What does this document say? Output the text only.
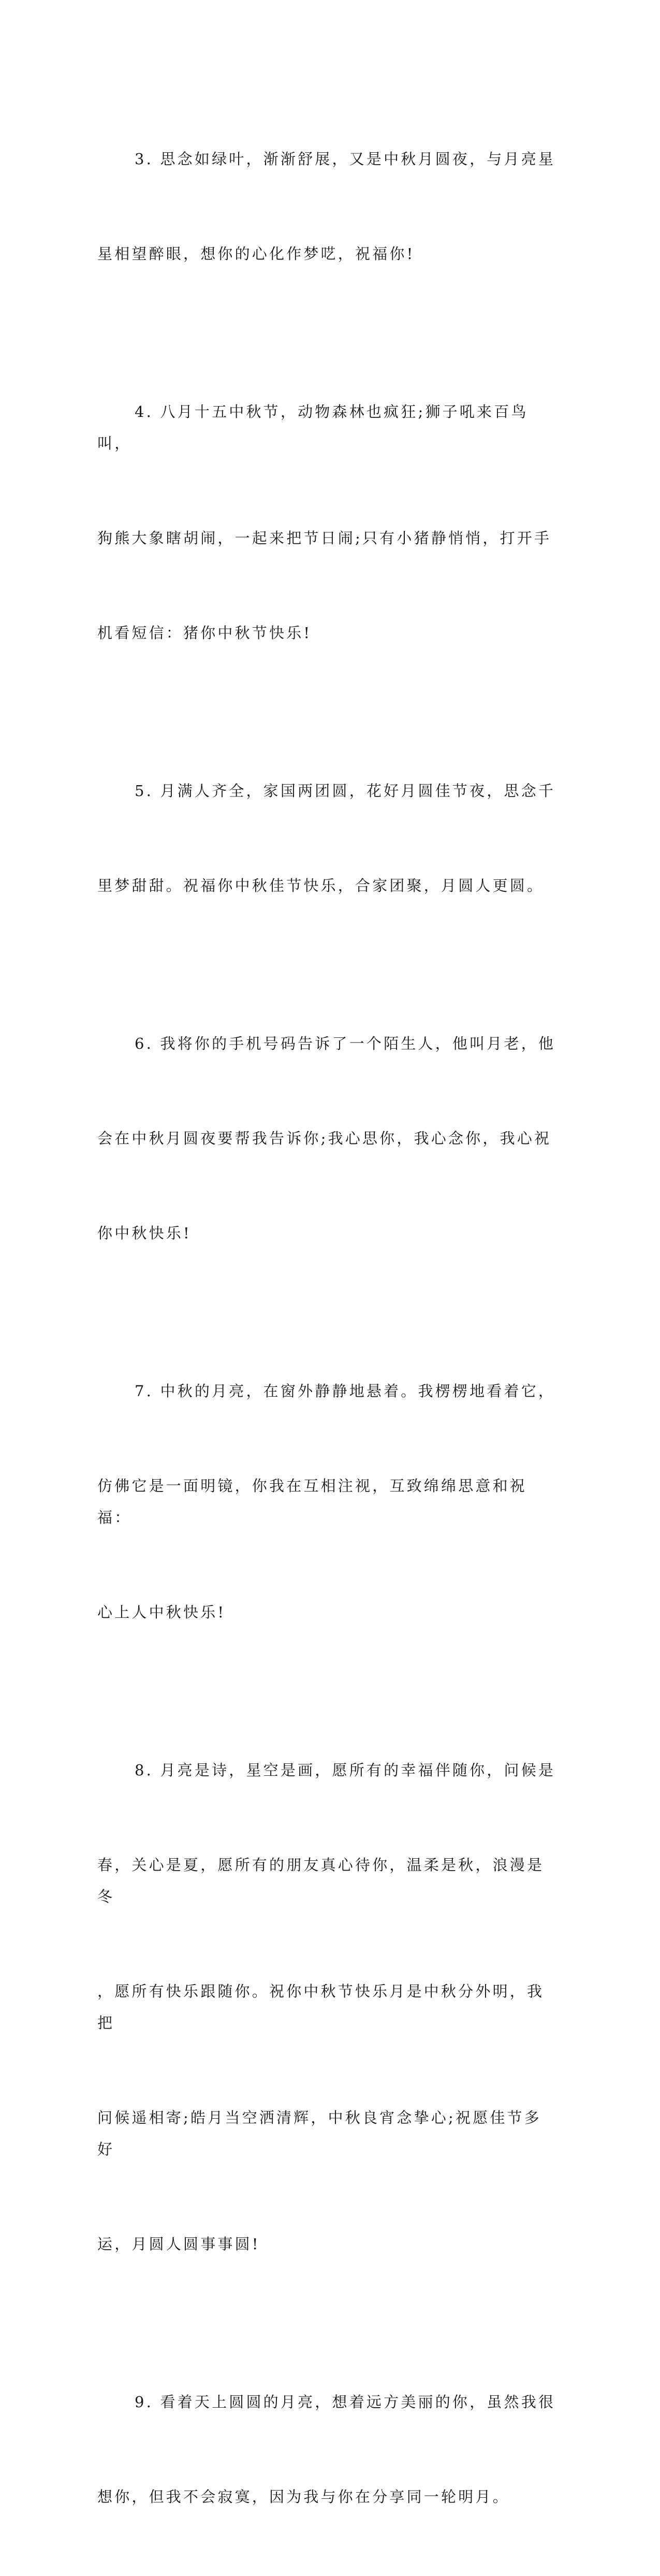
3. 思念如绿叶，渐渐舒展，又是中秋月圆夜，与月亮星

星相望醉眼，想你的心化作梦呓，祝福你!

4. 八月十五中秋节，动物森林也疯狂;狮子吼来百鸟叫，

狗熊大象瞎胡闹，一起来把节日闹;只有小猪静悄悄，打开手

机看短信：猪你中秋节快乐!

5. 月满人齐全，家国两团圆，花好月圆佳节夜，思念千

里梦甜甜。祝福你中秋佳节快乐，合家团聚，月圆人更圆。

6. 我将你的手机号码告诉了一个陌生人，他叫月老，他

会在中秋月圆夜要帮我告诉你;我心思你，我心念你，我心祝

你中秋快乐!

7. 中秋的月亮，在窗外静静地悬着。我楞楞地看着它，

仿佛它是一面明镜，你我在互相注视，互致绵绵思意和祝福：

心上人中秋快乐!

8. 月亮是诗，星空是画，愿所有的幸福伴随你，问候是

春，关心是夏，愿所有的朋友真心待你，温柔是秋，浪漫是冬

，愿所有快乐跟随你。祝你中秋节快乐月是中秋分外明，我把

问候遥相寄;皓月当空洒清辉，中秋良宵念挚心;祝愿佳节多好

运，月圆人圆事事圆!

9. 看着天上圆圆的月亮，想着远方美丽的你，虽然我很

想你，但我不会寂寞，因为我与你在分享同一轮明月。
